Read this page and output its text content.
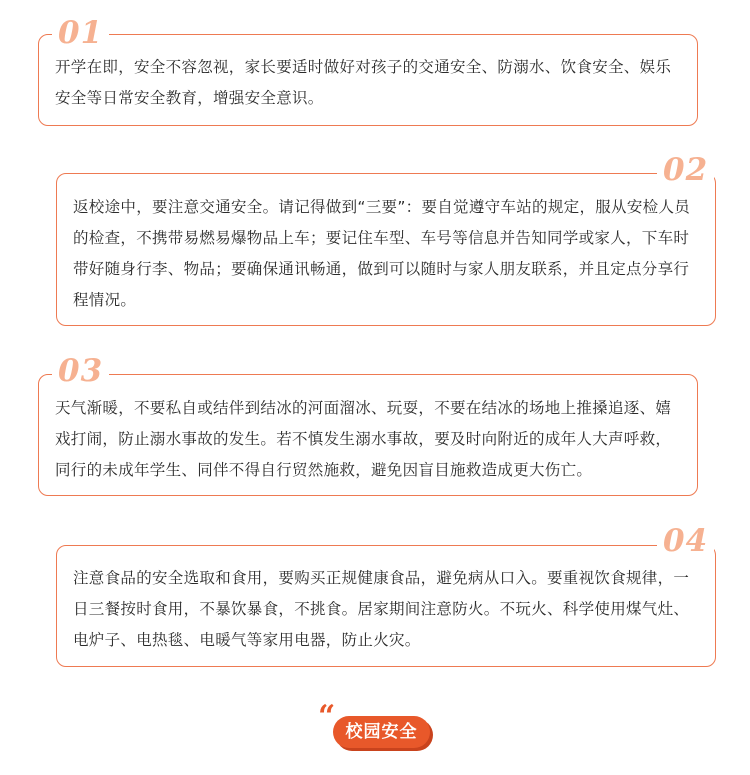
开学在即，安全不容忽视，家长要适时做好对孩子的交通安全、防溺水、饮食安全、娱乐安全等日常安全教育，增强安全意识。

01

返校途中，要注意交通安全。请记得做到“三要”：要自觉遵守车站的规定，服从安检人员的检查，不携带易燃易爆物品上车；要记住车型、车号等信息并告知同学或家人，下车时带好随身行李、物品；要确保通讯畅通，做到可以随时与家人朋友联系，并且定点分享行程情况。

02

天气渐暖，不要私自或结伴到结冰的河面溜冰、玩耍，不要在结冰的场地上推搡追逐、嬉戏打闹，防止溺水事故的发生。若不慎发生溺水事故，要及时向附近的成年人大声呼救，同行的未成年学生、同伴不得自行贸然施救，避免因盲目施救造成更大伤亡。

03

注意食品的安全选取和食用，要购买正规健康食品，避免病从口入。要重视饮食规律，一日三餐按时食用，不暴饮暴食，不挑食。居家期间注意防火。不玩火、科学使用煤气灶、电炉子、电热毯、电暖气等家用电器，防止火灾。

04
校园安全
“
